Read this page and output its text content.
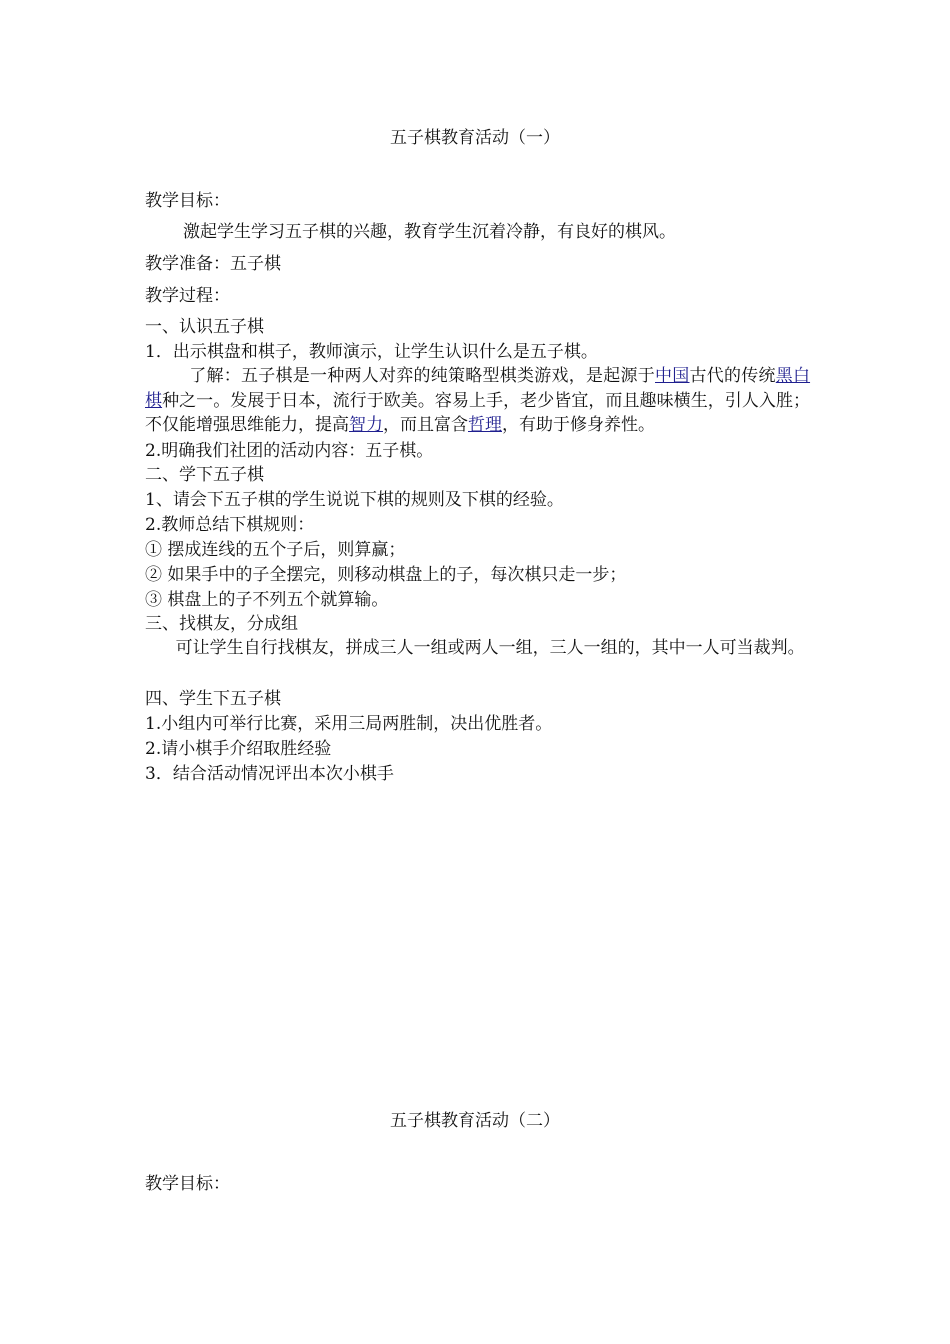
五子棋教育活动（一）
教学目标：
激起学生学习五子棋的兴趣，教育学生沉着冷静，有良好的棋风。
教学准备：五子棋
教学过程：
一、认识五子棋
1．出示棋盘和棋子，教师演示，让学生认识什么是五子棋。
了解：五子棋是一种两人对弈的纯策略型棋类游戏，是起源于中国古代的传统黑白棋种之一。发展于日本，流行于欧美。容易上手，老少皆宜，而且趣味横生，引人入胜；不仅能增强思维能力，提高智力，而且富含哲理，有助于修身养性。
2.明确我们社团的活动内容：五子棋。
二、学下五子棋
1、请会下五子棋的学生说说下棋的规则及下棋的经验。
2.教师总结下棋规则：
① 摆成连线的五个子后，则算赢；
② 如果手中的子全摆完，则移动棋盘上的子，每次棋只走一步；
③ 棋盘上的子不列五个就算输。
三、找棋友，分成组
可让学生自行找棋友，拼成三人一组或两人一组，三人一组的，其中一人可当裁判。
四、学生下五子棋
1.小组内可举行比赛，采用三局两胜制，决出优胜者。
2.请小棋手介绍取胜经验
3．结合活动情况评出本次小棋手
五子棋教育活动（二）
教学目标：
